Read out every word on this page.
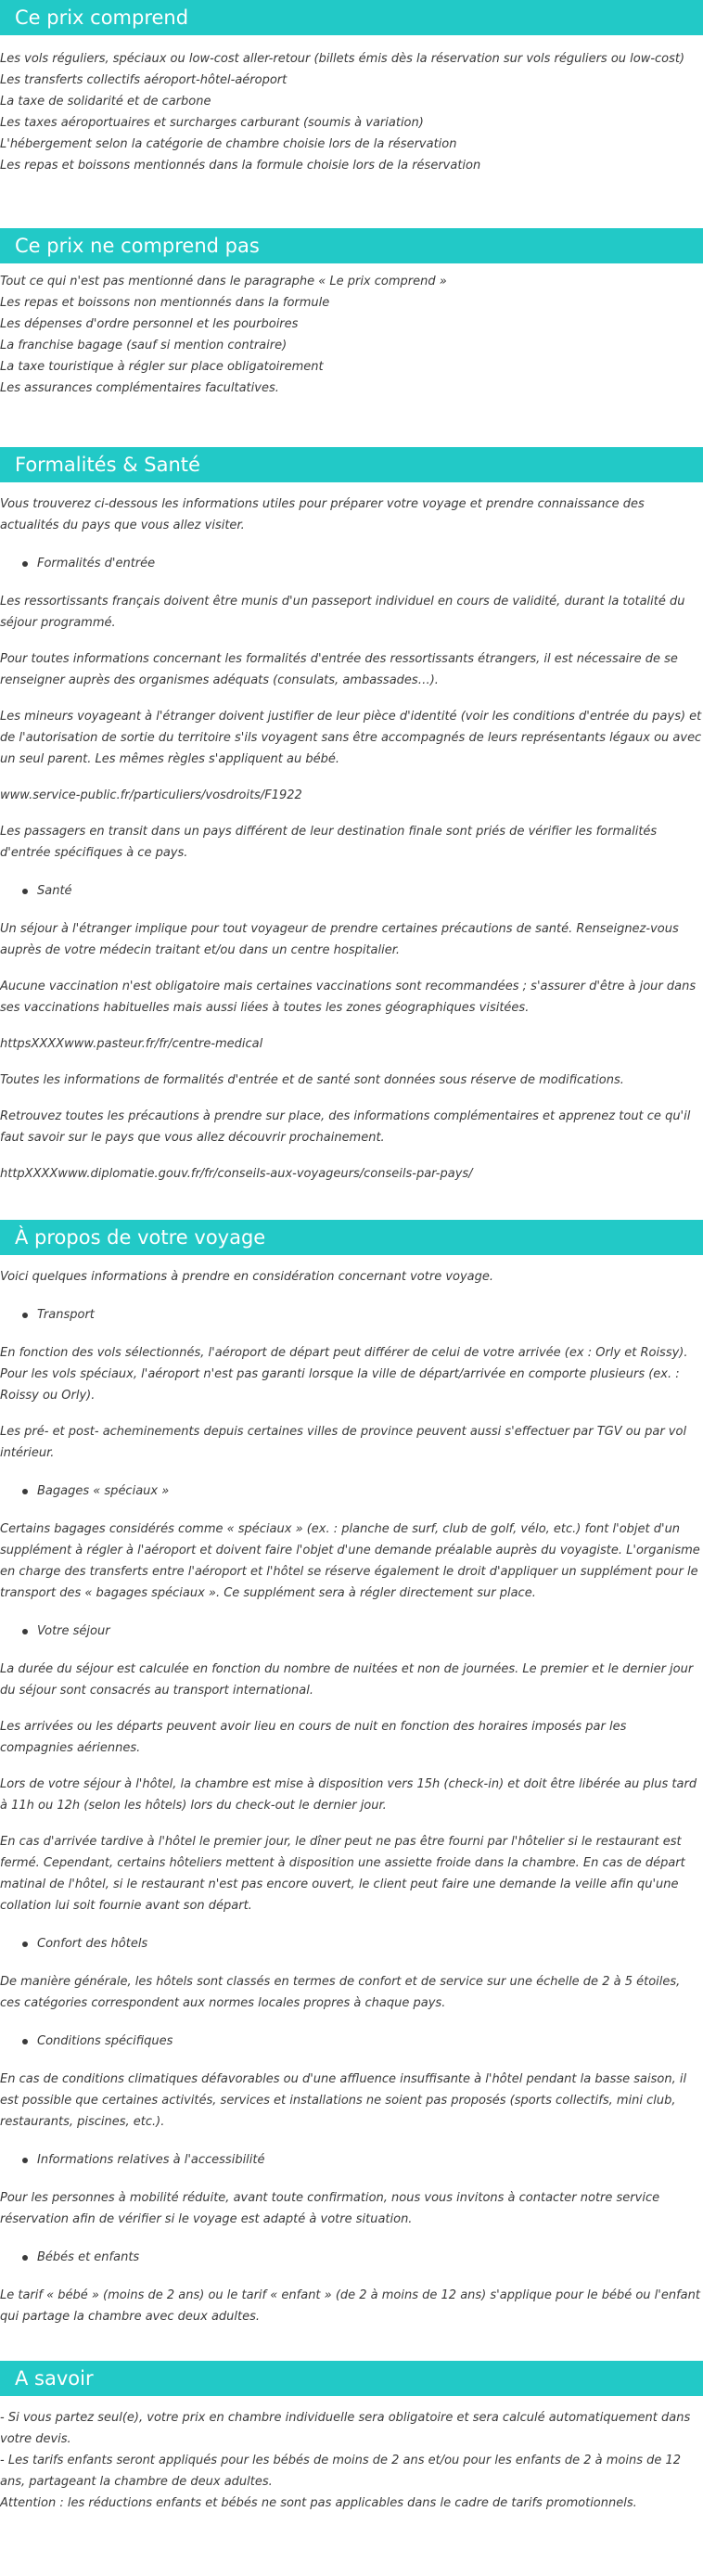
Ce prix comprend
Les vols réguliers, spéciaux ou low-cost aller-retour (billets émis dès la réservation sur vols réguliers ou low-cost)
Les transferts collectifs aéroport-hôtel-aéroport
La taxe de solidarité et de carbone
Les taxes aéroportuaires et surcharges carburant (soumis à variation)
L'hébergement selon la catégorie de chambre choisie lors de la réservation
Les repas et boissons mentionnés dans la formule choisie lors de la réservation
Ce prix ne comprend pas
Tout ce qui n'est pas mentionné dans le paragraphe « Le prix comprend »
Les repas et boissons non mentionnés dans la formule
Les dépenses d'ordre personnel et les pourboires
La franchise bagage (sauf si mention contraire)
La taxe touristique à régler sur place obligatoirement
Les assurances complémentaires facultatives.
Formalités & Santé

Vous trouverez ci-dessous les informations utiles pour préparer votre voyage et prendre connaissance des actualités du pays que vous allez visiter.

Formalités d'entrée

Les ressortissants français doivent être munis d'un passeport individuel en cours de validité, durant la totalité du séjour programmé.

Pour toutes informations concernant les formalités d'entrée des ressortissants étrangers, il est nécessaire de se renseigner auprès des organismes adéquats (consulats, ambassades…).

Les mineurs voyageant à l'étranger doivent justifier de leur pièce d'identité (voir les conditions d'entrée du pays) et de l'autorisation de sortie du territoire s'ils voyagent sans être accompagnés de leurs représentants légaux ou avec un seul parent. Les mêmes règles s'appliquent au bébé.

www.service-public.fr/particuliers/vosdroits/F1922

Les passagers en transit dans un pays différent de leur destination finale sont priés de vérifier les formalités d'entrée spécifiques à ce pays.

Santé

Un séjour à l'étranger implique pour tout voyageur de prendre certaines précautions de santé. Renseignez-vous auprès de votre médecin traitant et/ou dans un centre hospitalier.

Aucune vaccination n'est obligatoire mais certaines vaccinations sont recommandées ; s'assurer d'être à jour dans ses vaccinations habituelles mais aussi liées à toutes les zones géographiques visitées.

httpsXXXXwww.pasteur.fr/fr/centre-medical

Toutes les informations de formalités d'entrée et de santé sont données sous réserve de modifications.

Retrouvez toutes les précautions à prendre sur place, des informations complémentaires et apprenez tout ce qu'il faut savoir sur le pays que vous allez découvrir prochainement.

httpXXXXwww.diplomatie.gouv.fr/fr/conseils-aux-voyageurs/conseils-par-pays/

À propos de votre voyage

Voici quelques informations à prendre en considération concernant votre voyage.

Transport

En fonction des vols sélectionnés, l'aéroport de départ peut différer de celui de votre arrivée (ex : Orly et Roissy). Pour les vols spéciaux, l'aéroport n'est pas garanti lorsque la ville de départ/arrivée en comporte plusieurs (ex. : Roissy ou Orly).

Les pré- et post- acheminements depuis certaines villes de province peuvent aussi s'effectuer par TGV ou par vol intérieur.

Bagages « spéciaux »

Certains bagages considérés comme « spéciaux » (ex. : planche de surf, club de golf, vélo, etc.) font l'objet d'un supplément à régler à l'aéroport et doivent faire l'objet d'une demande préalable auprès du voyagiste. L'organisme en charge des transferts entre l'aéroport et l'hôtel se réserve également le droit d'appliquer un supplément pour le transport des « bagages spéciaux ». Ce supplément sera à régler directement sur place.

Votre séjour

La durée du séjour est calculée en fonction du nombre de nuitées et non de journées. Le premier et le dernier jour du séjour sont consacrés au transport international.

Les arrivées ou les départs peuvent avoir lieu en cours de nuit en fonction des horaires imposés par les compagnies aériennes.

Lors de votre séjour à l'hôtel, la chambre est mise à disposition vers 15h (check-in) et doit être libérée au plus tard à 11h ou 12h (selon les hôtels) lors du check-out le dernier jour.

En cas d'arrivée tardive à l'hôtel le premier jour, le dîner peut ne pas être fourni par l'hôtelier si le restaurant est fermé. Cependant, certains hôteliers mettent à disposition une assiette froide dans la chambre. En cas de départ matinal de l'hôtel, si le restaurant n'est pas encore ouvert, le client peut faire une demande la veille afin qu'une collation lui soit fournie avant son départ.

Confort des hôtels

De manière générale, les hôtels sont classés en termes de confort et de service sur une échelle de 2 à 5 étoiles, ces catégories correspondent aux normes locales propres à chaque pays.

Conditions spécifiques

En cas de conditions climatiques défavorables ou d'une affluence insuffisante à l'hôtel pendant la basse saison, il est possible que certaines activités, services et installations ne soient pas proposés (sports collectifs, mini club, restaurants, piscines, etc.).

Informations relatives à l'accessibilité

Pour les personnes à mobilité réduite, avant toute confirmation, nous vous invitons à contacter notre service réservation afin de vérifier si le voyage est adapté à votre situation.

Bébés et enfants

Le tarif « bébé » (moins de 2 ans) ou le tarif « enfant » (de 2 à moins de 12 ans) s'applique pour le bébé ou l'enfant qui partage la chambre avec deux adultes.

A savoir

- Si vous partez seul(e), votre prix en chambre individuelle sera obligatoire et sera calculé automatiquement dans votre devis.

- Les tarifs enfants seront appliqués pour les bébés de moins de 2 ans et/ou pour les enfants de 2 à moins de 12 ans, partageant la chambre de deux adultes.

Attention : les réductions enfants et bébés ne sont pas applicables dans le cadre de tarifs promotionnels.
